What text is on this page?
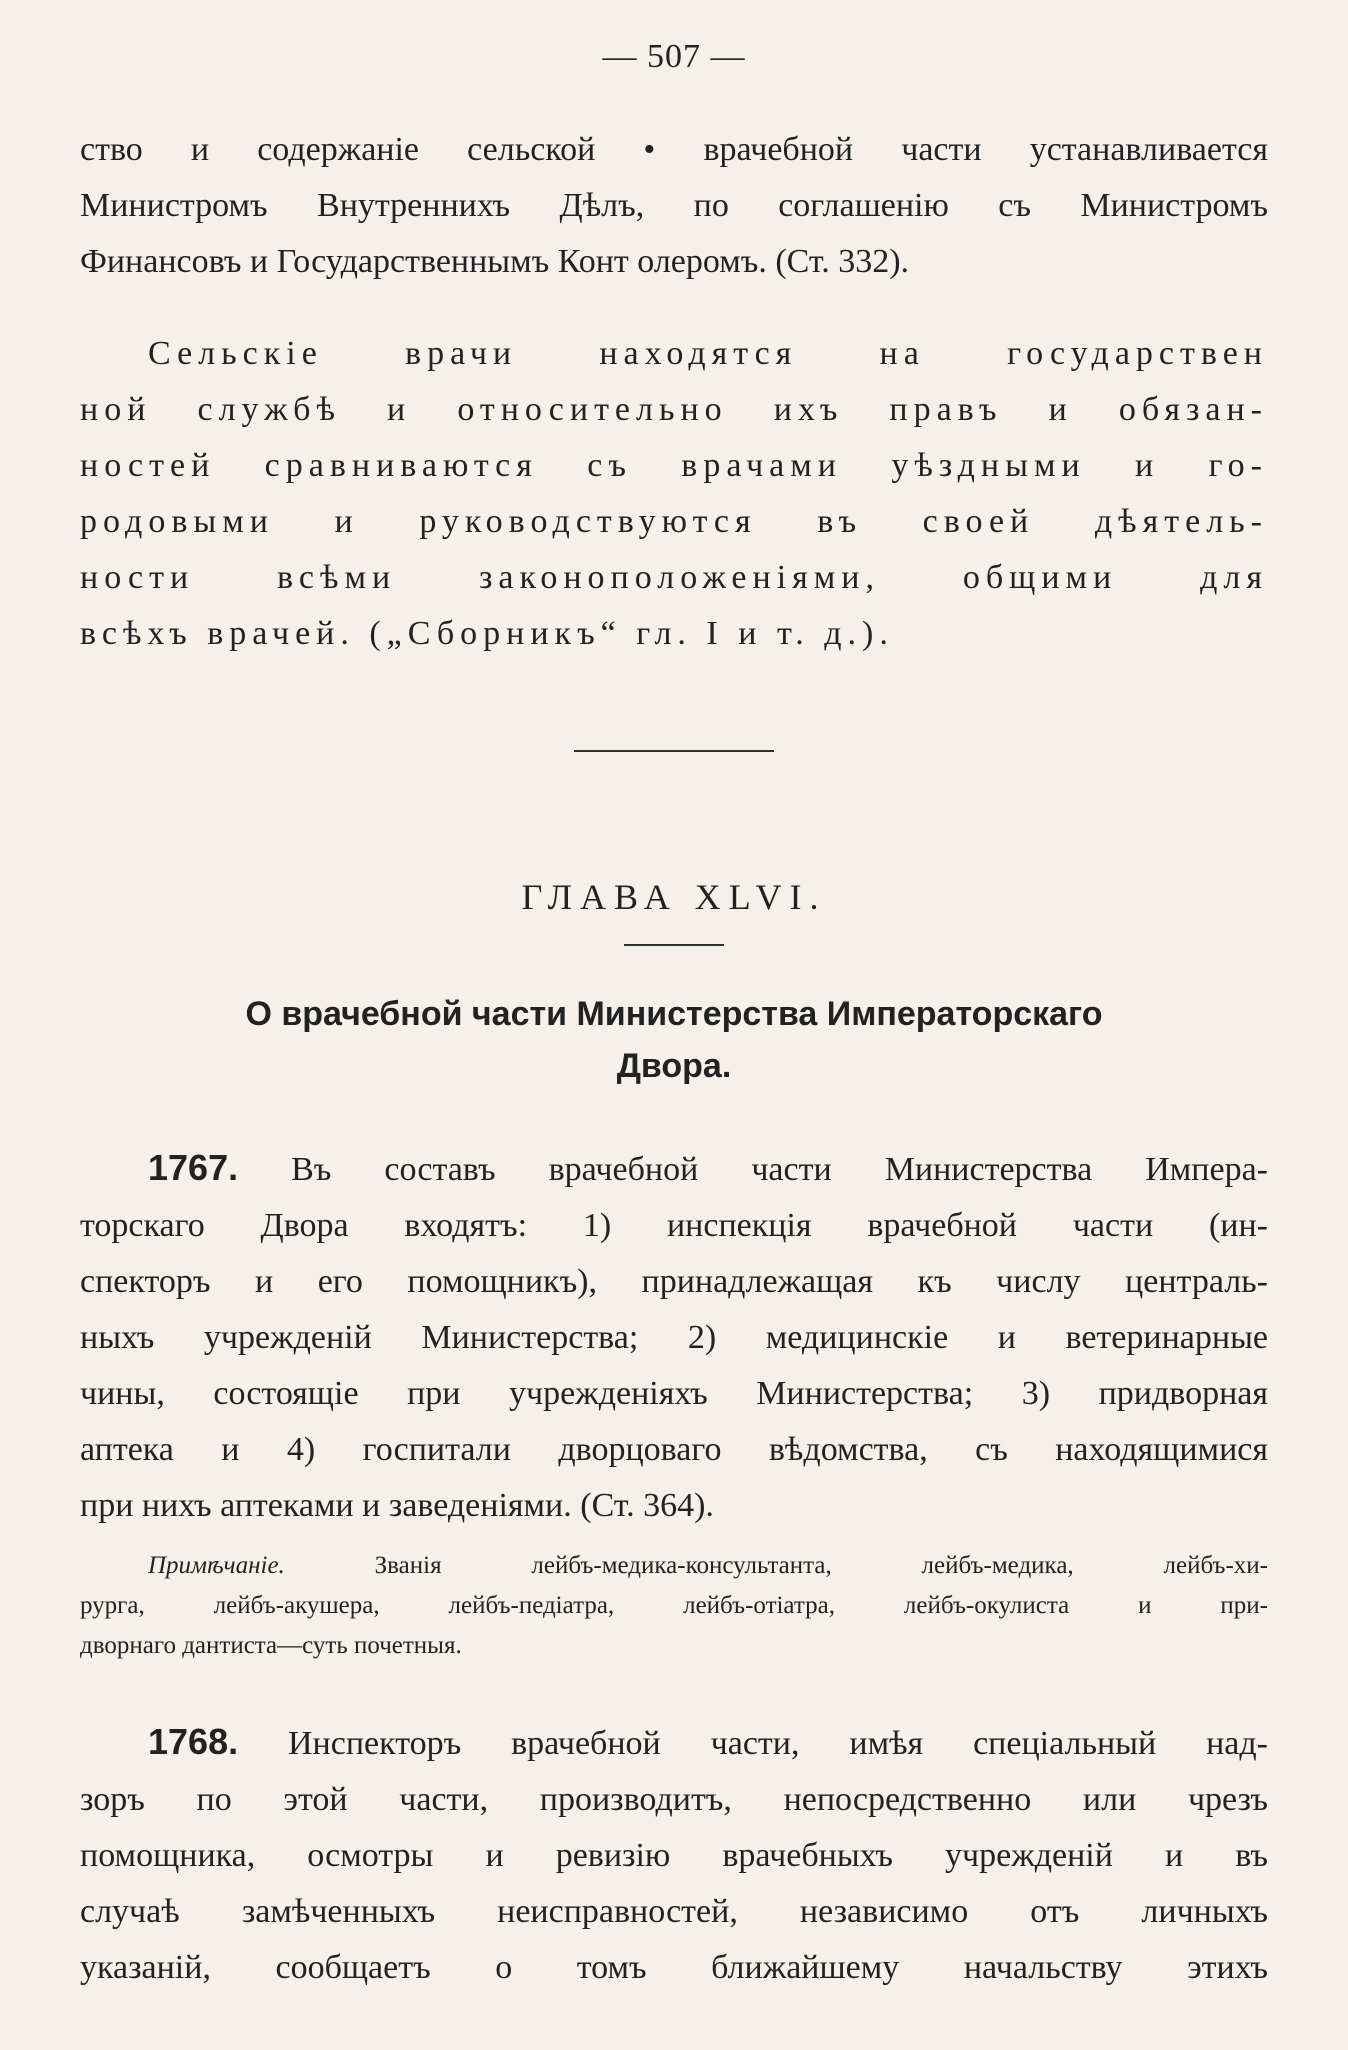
— 507 —

ство и содержаніе сельской • врачебной части устанавливается
Министромъ Внутреннихъ Дѣлъ, по соглашенію съ Министромъ
Финансовъ и Государственнымъ Конт олеромъ. (Ст. 332).

Сельскіе врачи находятся на государствен
ной службѣ и относительно ихъ правъ и обязан-
ностей сравниваются съ врачами уѣздными и го-
родовыми и руководствуются въ своей дѣятель-
ности всѣми законоположеніями, общими для
всѣхъ врачей. („Сборникъ“ гл. I и т. д.).

ГЛАВА XLVI.
О врачебной части Министерства Императорскаго
Двора.

1767. Въ составъ врачебной части Министерства Импера-
торскаго Двора входятъ: 1) инспекція врачебной части (ин-
спекторъ и его помощникъ), принадлежащая къ числу централь-
ныхъ учрежденій Министерства; 2) медицинскіе и ветеринарные
чины, состоящіе при учрежденіяхъ Министерства; 3) придворная
аптека и 4) госпитали дворцоваго вѣдомства, съ находящимися
при нихъ аптеками и заведеніями. (Ст. 364).

Примѣчаніе.	Званія лейбъ-медика-консультанта, лейбъ-медика, лейбъ-хи-
рурга, лейбъ-акушера, лейбъ-педіатра, лейбъ-отіатра, лейбъ-окулиста и при-
дворнаго дантиста—суть почетныя.

1768. Инспекторъ врачебной части, имѣя спеціальный над-
зоръ по этой части, производитъ, непосредственно или чрезъ
помощника, осмотры и ревизію врачебныхъ учрежденій и въ
случаѣ замѣченныхъ неисправностей, независимо отъ личныхъ
указаній, сообщаетъ о томъ ближайшему начальству этихъ
